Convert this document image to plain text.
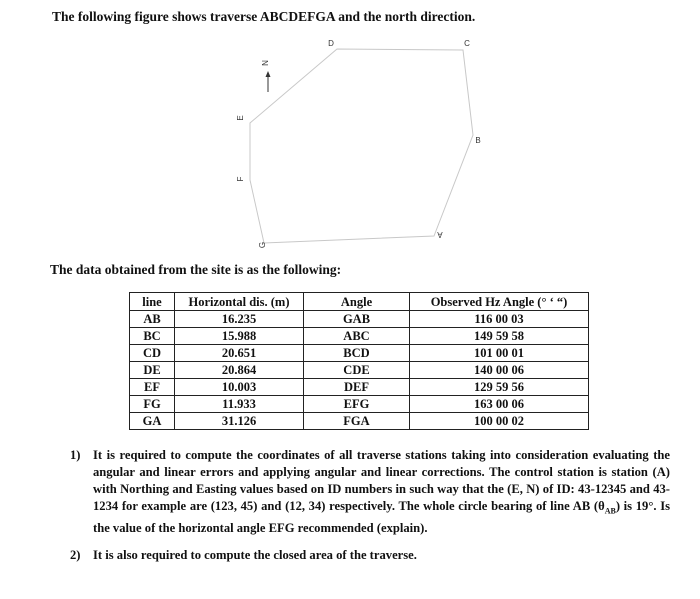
The following figure shows traverse ABCDEFGA and the north direction.
N
A
B
C
D
E
F
G
The data obtained from the site is as the following:
line	Horizontal dis. (m)	Angle	Observed Hz Angle (° ‘ “)
AB	16.235	GAB	116 00 03
BC	15.988	ABC	149 59 58
CD	20.651	BCD	101 00 01
DE	20.864	CDE	140 00 06
EF	10.003	DEF	129 59 56
FG	11.933	EFG	163 00 06
GA	31.126	FGA	100 00 02
1) It is required to compute the coordinates of all traverse stations taking into consideration evaluating the angular and linear errors and applying angular and linear corrections. The control station is station (A) with Northing and Easting values based on ID numbers in such way that the (E, N) of ID: 43-12345 and 43-1234 for example are (123, 45) and (12, 34) respectively. The whole circle bearing of line AB $(\theta_{AB})$ is 19°. Is the value of the horizontal angle EFG recommended (explain).
2) It is also required to compute the closed area of the traverse.
